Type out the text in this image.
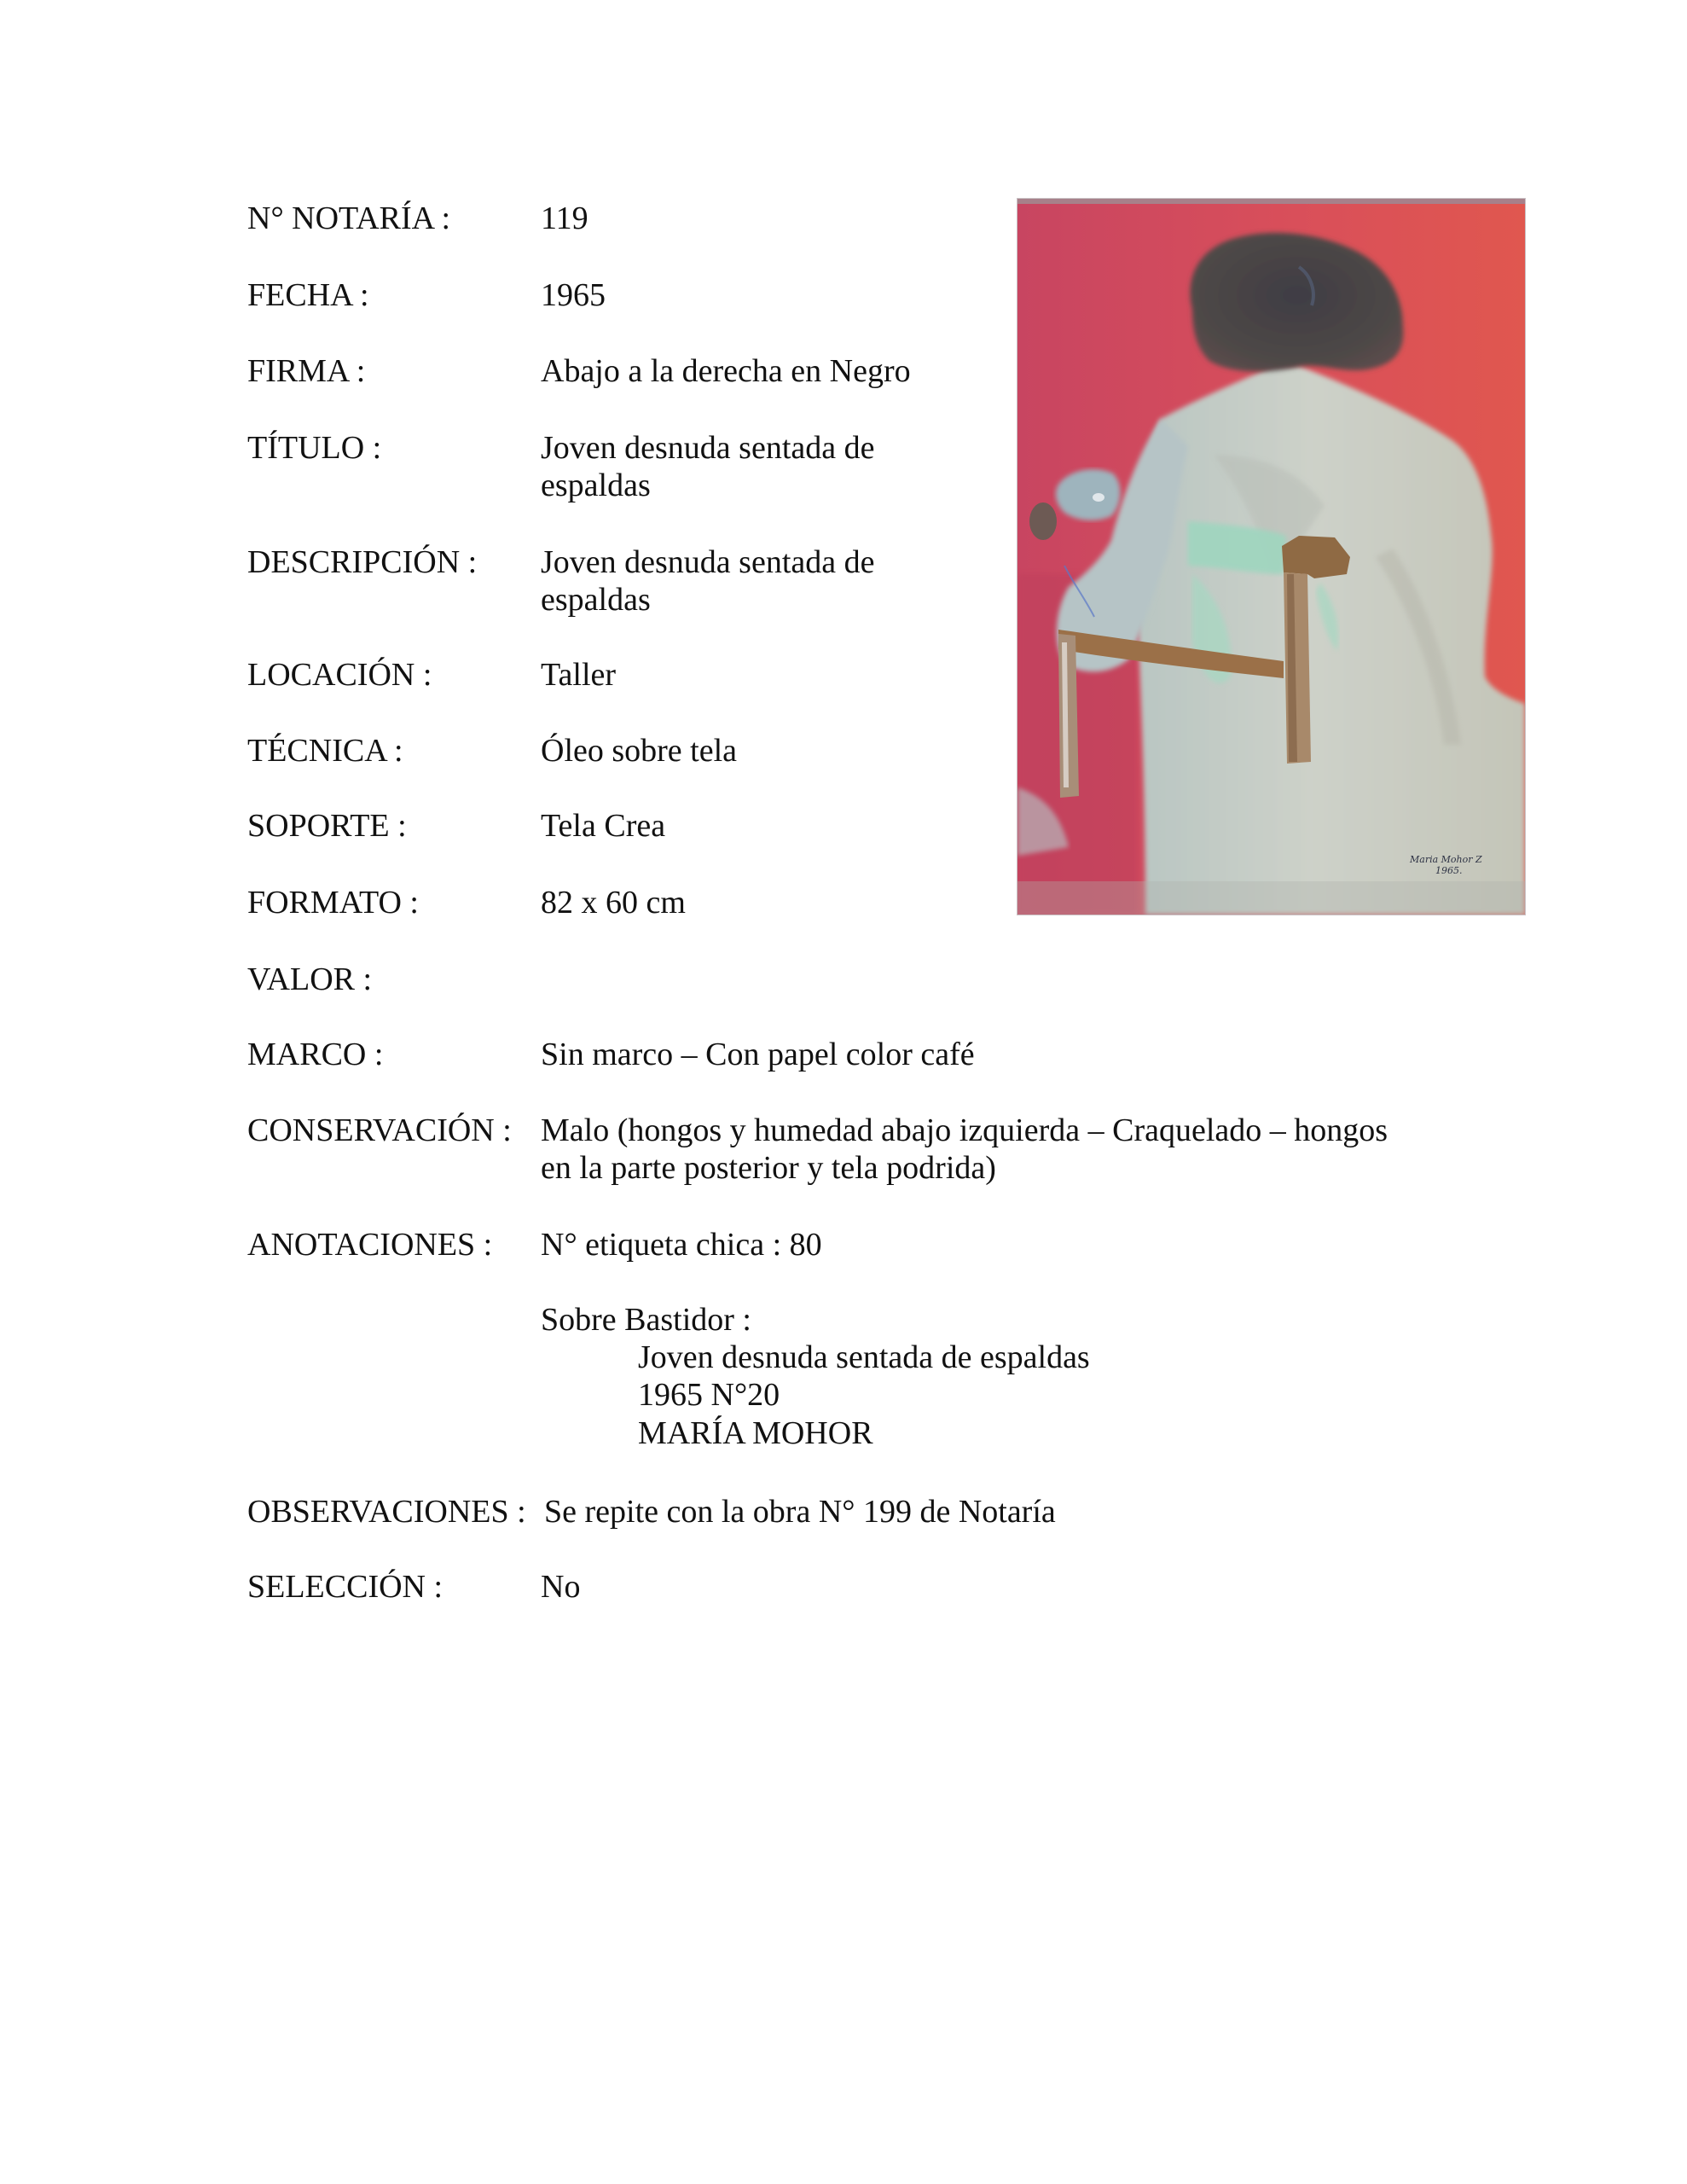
N° NOTARÍA :	119

FECHA :	1965

FIRMA :	Abajo a la derecha en Negro

TÍTULO :	Joven desnuda sentada de

espaldas

DESCRIPCIÓN : Joven desnuda sentada de

espaldas

LOCACIÓN :	Taller

TÉCNICA :	Óleo sobre tela

SOPORTE :	Tela Crea

FORMATO :	82 x 60 cm

VALOR :

MARCO :	Sin marco – Con papel color café

CONSERVACIÓN : Malo (hongos y humedad abajo izquierda – Craquelado – hongos

en la parte posterior y tela podrida)

ANOTACIONES : N° etiqueta chica : 80

Sobre Bastidor :

Joven desnuda sentada de espaldas

1965 N°20

MARÍA MOHOR

OBSERVACIONES : Se repite con la obra N° 199 de Notaría

SELECCIÓN :	No

Maria Mohor Z
1965.
